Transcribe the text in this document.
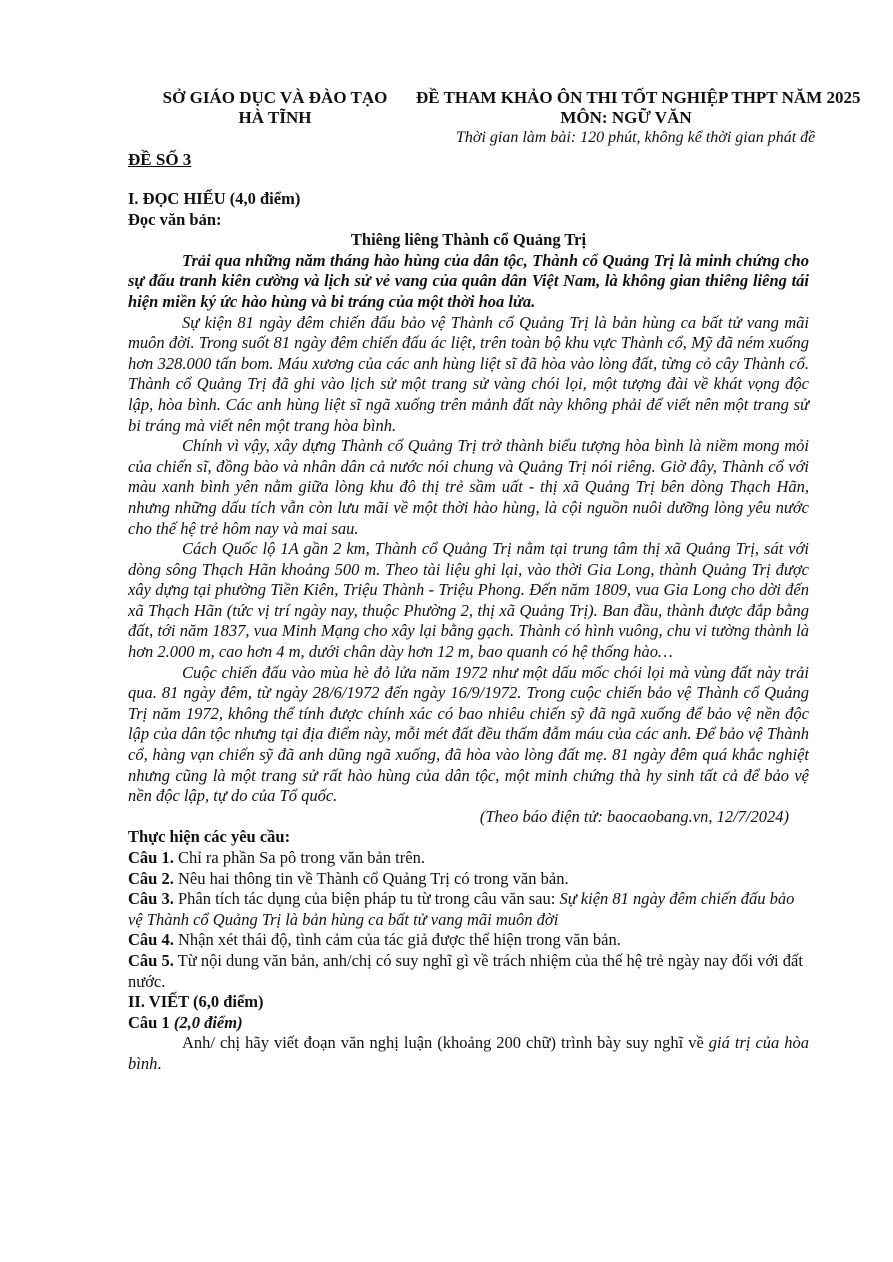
SỞ GIÁO DỤC VÀ ĐÀO TẠO
HÀ TĨNH
ĐỀ THAM KHẢO ÔN THI TỐT NGHIỆP THPT NĂM 2025
MÔN: NGỮ VĂN
Thời gian làm bài: 120 phút, không kể thời gian phát đề
ĐỀ SỐ 3

I. ĐỌC HIỂU (4,0 điểm)

Đọc văn bản:

Thiêng liêng Thành cổ Quảng Trị

Trải qua những năm tháng hào hùng của dân tộc, Thành cổ Quảng Trị là minh chứng cho sự đấu tranh kiên cường và lịch sử vẻ vang của quân dân Việt Nam, là không gian thiêng liêng tái hiện miền ký ức hào hùng và bi tráng của một thời hoa lửa.

Sự kiện 81 ngày đêm chiến đấu bảo vệ Thành cổ Quảng Trị là bản hùng ca bất tử vang mãi muôn đời. Trong suốt 81 ngày đêm chiến đấu ác liệt, trên toàn bộ khu vực Thành cổ, Mỹ đã ném xuống hơn 328.000 tấn bom. Máu xương của các anh hùng liệt sĩ đã hòa vào lòng đất, từng cỏ cây Thành cổ. Thành cổ Quảng Trị đã ghi vào lịch sử một trang sử vàng chói lọi, một tượng đài về khát vọng độc lập, hòa bình. Các anh hùng liệt sĩ ngã xuống trên mảnh đất này không phải để viết nên một trang sử bi tráng mà viết nên một trang hòa bình.

Chính vì vậy, xây dựng Thành cổ Quảng Trị trở thành biểu tượng hòa bình là niềm mong mỏi của chiến sĩ, đồng bào và nhân dân cả nước nói chung và Quảng Trị nói riêng. Giờ đây, Thành cổ với màu xanh bình yên nằm giữa lòng khu đô thị trẻ sầm uất - thị xã Quảng Trị bên dòng Thạch Hãn, nhưng những dấu tích vẫn còn lưu mãi về một thời hào hùng, là cội nguồn nuôi dưỡng lòng yêu nước cho thế hệ trẻ hôm nay và mai sau.

Cách Quốc lộ 1A gần 2 km, Thành cổ Quảng Trị nằm tại trung tâm thị xã Quảng Trị, sát với dòng sông Thạch Hãn khoảng 500 m. Theo tài liệu ghi lại, vào thời Gia Long, thành Quảng Trị được xây dựng tại phường Tiền Kiên, Triệu Thành - Triệu Phong. Đến năm 1809, vua Gia Long cho dời đến xã Thạch Hãn (tức vị trí ngày nay, thuộc Phường 2, thị xã Quảng Trị). Ban đầu, thành được đắp bằng đất, tới năm 1837, vua Minh Mạng cho xây lại bằng gạch. Thành có hình vuông, chu vi tường thành là hơn 2.000 m, cao hơn 4 m, dưới chân dày hơn 12 m, bao quanh có hệ thống hào…

Cuộc chiến đấu vào mùa hè đỏ lửa năm 1972 như một dấu mốc chói lọi mà vùng đất này trải qua. 81 ngày đêm, từ ngày 28/6/1972 đến ngày 16/9/1972. Trong cuộc chiến bảo vệ Thành cổ Quảng Trị năm 1972, không thể tính được chính xác có bao nhiêu chiến sỹ đã ngã xuống để bảo vệ nền độc lập của dân tộc nhưng tại địa điểm này, mỗi mét đất đều thấm đẫm máu của các anh. Để bảo vệ Thành cổ, hàng vạn chiến sỹ đã anh dũng ngã xuống, đã hòa vào lòng đất mẹ. 81 ngày đêm quá khắc nghiệt nhưng cũng là một trang sử rất hào hùng của dân tộc, một minh chứng thà hy sinh tất cả để bảo vệ nền độc lập, tự do của Tổ quốc.

(Theo báo điện tử: baocaobang.vn, 12/7/2024)

Thực hiện các yêu cầu:

Câu 1. Chỉ ra phần Sa pô trong văn bản trên.

Câu 2. Nêu hai thông tin về Thành cổ Quảng Trị có trong văn bản.

Câu 3. Phân tích tác dụng của biện pháp tu từ trong câu văn sau: Sự kiện 81 ngày đêm chiến đấu bảo vệ Thành cổ Quảng Trị là bản hùng ca bất tử vang mãi muôn đời

Câu 4. Nhận xét thái độ, tình cảm của tác giả được thể hiện trong văn bản.

Câu 5. Từ nội dung văn bản, anh/chị có suy nghĩ gì về trách nhiệm của thế hệ trẻ ngày nay đối với đất nước.

II. VIẾT (6,0 điểm)

Câu 1 (2,0 điểm)

Anh/ chị hãy viết đoạn văn nghị luận (khoảng 200 chữ) trình bày suy nghĩ về giá trị của hòa bình.
